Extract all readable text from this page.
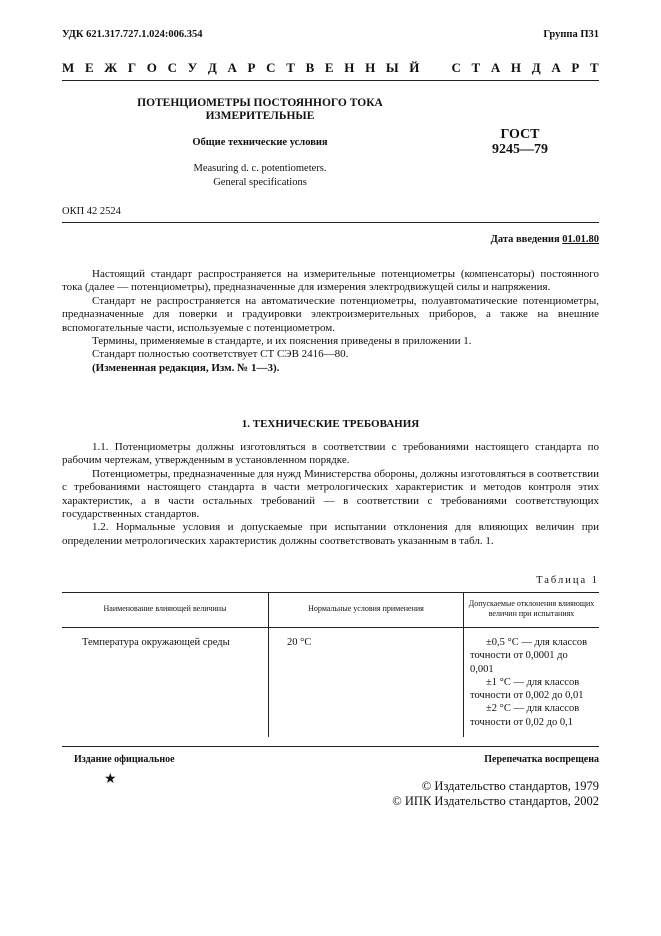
УДК 621.317.727.1.024:006.354	Группа П31
М Е Ж Г О С У Д А Р С Т В Е Н Н Ы Й С Т А Н Д А Р Т
ПОТЕНЦИОМЕТРЫ ПОСТОЯННОГО ТОКА
ИЗМЕРИТЕЛЬНЫЕ
Общие технические условия
Measuring d. c. potentiometers.
General specifications
ГОСТ
9245—79
ОКП 42 2524
Дата введения 01.01.80

Настоящий стандарт распространяется на измерительные потенциометры (компенсаторы) постоянного тока (далее — потенциометры), предназначенные для измерения электродвижущей силы и напряжения.

Стандарт не распространяется на автоматические потенциометры, полуавтоматические потенциометры, предназначенные для поверки и градуировки электроизмерительных приборов, а также на внешние вспомогательные части, используемые с потенциометром.

Термины, применяемые в стандарте, и их пояснения приведены в приложении 1.

Стандарт полностью соответствует СТ СЭВ 2416—80.

(Измененная редакция, Изм. № 1—3).

1. ТЕХНИЧЕСКИЕ ТРЕБОВАНИЯ

1.1. Потенциометры должны изготовляться в соответствии с требованиями настоящего стандарта по рабочим чертежам, утвержденным в установленном порядке.

Потенциометры, предназначенные для нужд Министерства обороны, должны изготовляться в соответствии с требованиями настоящего стандарта в части метрологических характеристик и методов контроля этих характеристик, а в части остальных требований — в соответствии с требованиями соответствующих государственных стандартов.

1.2. Нормальные условия и допускаемые при испытании отклонения для влияющих величин при определении метрологических характеристик должны соответствовать указанным в табл. 1.

Таблица 1
Наименование влияющей величины	Нормальные условия применения	Допускаемые отклонения влияющих величин при испытаниях
Температура окружающей среды	20 °С	±0,5 °С — для классов точности от 0,0001 до 0,001

±1 °С — для классов точности от 0,002 до 0,01

±2 °С — для классов точности от 0,02 до 0,1

Издание официальное	Перепечатка воспрещена
★	© Издательство стандартов, 1979
© ИПК Издательство стандартов, 2002
